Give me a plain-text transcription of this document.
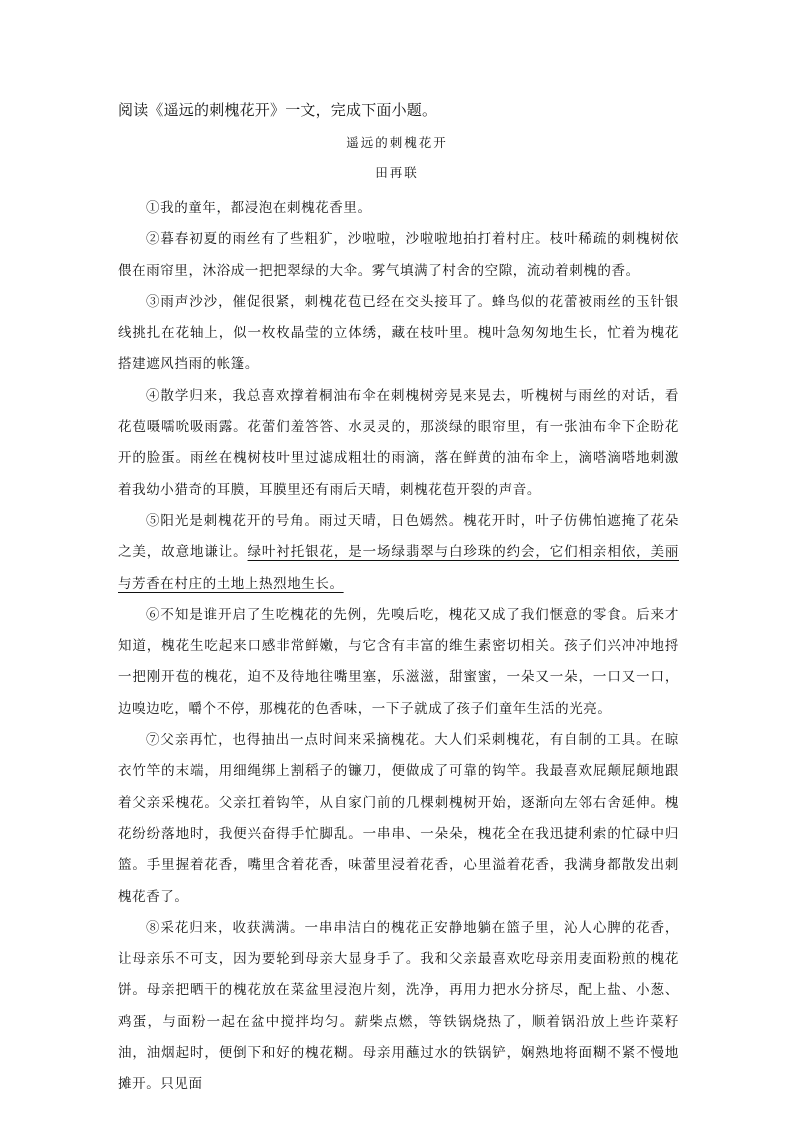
阅读《遥远的刺槐花开》一文，完成下面小题。
遥远的刺槐花开
田再联

①我的童年，都浸泡在刺槐花香里。

②暮春初夏的雨丝有了些粗犷，沙啦啦，沙啦啦地拍打着村庄。枝叶稀疏的刺槐树依偎在雨帘里，沐浴成一把把翠绿的大伞。雾气填满了村舍的空隙，流动着刺槐的香。

③雨声沙沙，催促很紧，刺槐花苞已经在交头接耳了。蜂鸟似的花蕾被雨丝的玉针银线挑扎在花轴上，似一枚枚晶莹的立体绣，藏在枝叶里。槐叶急匆匆地生长，忙着为槐花搭建遮风挡雨的帐篷。

④散学归来，我总喜欢撑着桐油布伞在刺槐树旁晃来晃去，听槐树与雨丝的对话，看花苞嗫嚅吮吸雨露。花蕾们羞答答、水灵灵的，那淡绿的眼帘里，有一张油布伞下企盼花开的脸蛋。雨丝在槐树枝叶里过滤成粗壮的雨滴，落在鲜黄的油布伞上，滴嗒滴嗒地刺激着我幼小猎奇的耳膜，耳膜里还有雨后天晴，刺槐花苞开裂的声音。

⑤阳光是刺槐花开的号角。雨过天晴，日色嫣然。槐花开时，叶子仿佛怕遮掩了花朵之美，故意地谦让。绿叶衬托银花，是一场绿翡翠与白珍珠的约会，它们相亲相依，美丽与芳香在村庄的土地上热烈地生长。

⑥不知是谁开启了生吃槐花的先例，先嗅后吃，槐花又成了我们惬意的零食。后来才知道，槐花生吃起来口感非常鲜嫩，与它含有丰富的维生素密切相关。孩子们兴冲冲地捋一把刚开苞的槐花，迫不及待地往嘴里塞，乐滋滋，甜蜜蜜，一朵又一朵，一口又一口，边嗅边吃，嚼个不停，那槐花的色香味，一下子就成了孩子们童年生活的光亮。

⑦父亲再忙，也得抽出一点时间来采摘槐花。大人们采刺槐花，有自制的工具。在晾衣竹竿的末端，用细绳绑上割稻子的镰刀，便做成了可靠的钩竿。我最喜欢屁颠屁颠地跟着父亲采槐花。父亲扛着钩竿，从自家门前的几棵刺槐树开始，逐渐向左邻右舍延伸。槐花纷纷落地时，我便兴奋得手忙脚乱。一串串、一朵朵，槐花全在我迅捷利索的忙碌中归篮。手里握着花香，嘴里含着花香，味蕾里浸着花香，心里溢着花香，我满身都散发出刺槐花香了。

⑧采花归来，收获满满。一串串洁白的槐花正安静地躺在篮子里，沁人心脾的花香，让母亲乐不可支，因为要轮到母亲大显身手了。我和父亲最喜欢吃母亲用麦面粉煎的槐花饼。母亲把晒干的槐花放在菜盆里浸泡片刻，洗净，再用力把水分挤尽，配上盐、小葱、鸡蛋，与面粉一起在盆中搅拌均匀。薪柴点燃，等铁锅烧热了，顺着锅沿放上些许菜籽油，油烟起时，便倒下和好的槐花糊。母亲用蘸过水的铁锅铲，娴熟地将面糊不紧不慢地摊开。只见面
